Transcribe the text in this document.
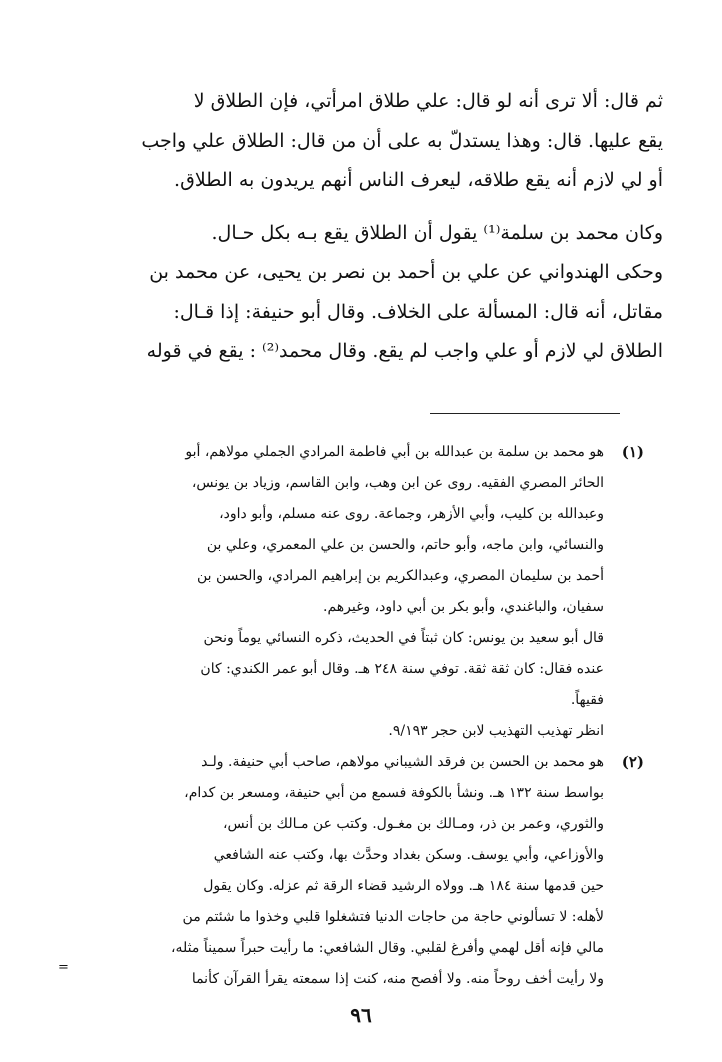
ثم قال: ألا ترى أنه لو قال: علي طلاق امرأتي، فإن الطلاق لا

يقع عليها. قال: وهذا يستدلّ به على أن من قال: الطلاق علي واجب

أو لي لازم أنه يقع طلاقه، ليعرف الناس أنهم يريدون به الطلاق.

وكان محمد بن سلمة⁽¹⁾ يقول أن الطلاق يقع بـه بكل حـال.

وحكى الهندواني عن علي بن أحمد بن نصر بن يحيى، عن محمد بن

مقاتل، أنه قال: المسألة على الخلاف. وقال أبو حنيفة: إذا قـال:

الطلاق لي لازم أو علي واجب لم يقع. وقال محمد⁽²⁾ : يقع في قوله

(١)
هو محمد بن سلمة بن عبدالله بن أبي فاطمة المرادي الجملي مولاهم، أبو
الحائر المصري الفقيه. روى عن ابن وهب، وابن القاسم، وزياد بن يونس،
وعبدالله بن كليب، وأبي الأزهر، وجماعة. روى عنه مسلم، وأبو داود،
والنسائي، وابن ماجه، وأبو حاتم، والحسن بن علي المعمري، وعلي بن
أحمد بن سليمان المصري، وعبدالكريم بن إبراهيم المرادي، والحسن بن
سفيان، والباغندي، وأبو بكر بن أبي داود، وغيرهم.
قال أبو سعيد بن يونس: كان ثبتاً في الحديث، ذكره النسائي يوماً ونحن
عنده فقال: كان ثقة ثقة. توفي سنة ٢٤٨ هـ. وقال أبو عمر الكندي: كان
فقيهاً.
انظر تهذيب التهذيب لابن حجر ٩/١٩٣.
(٢)
هو محمد بن الحسن بن فرقد الشيباني مولاهم، صاحب أبي حنيفة. ولـد
بواسط سنة ١٣٢ هـ. ونشأ بالكوفة فسمع من أبي حنيفة، ومسعر بن كدام،
والثوري، وعمر بن ذر، ومـالك بن مغـول. وكتب عن مـالك بن أنس،
والأوزاعي، وأبي يوسف. وسكن بغداد وحدَّث بها، وكتب عنه الشافعي
حين قدمها سنة ١٨٤ هـ. وولاه الرشيد قضاء الرقة ثم عزله. وكان يقول
لأهله: لا تسألوني حاجة من حاجات الدنيا فتشغلوا قلبي وخذوا ما شئتم من
مالي فإنه أقل لهمي وأفرغ لقلبي. وقال الشافعي: ما رأيت حبراً سميناً مثله،
ولا رأيت أخف روحاً منه. ولا أفصح منه، كنت إذا سمعته يقرأ القرآن كأنما
=
٩٦
